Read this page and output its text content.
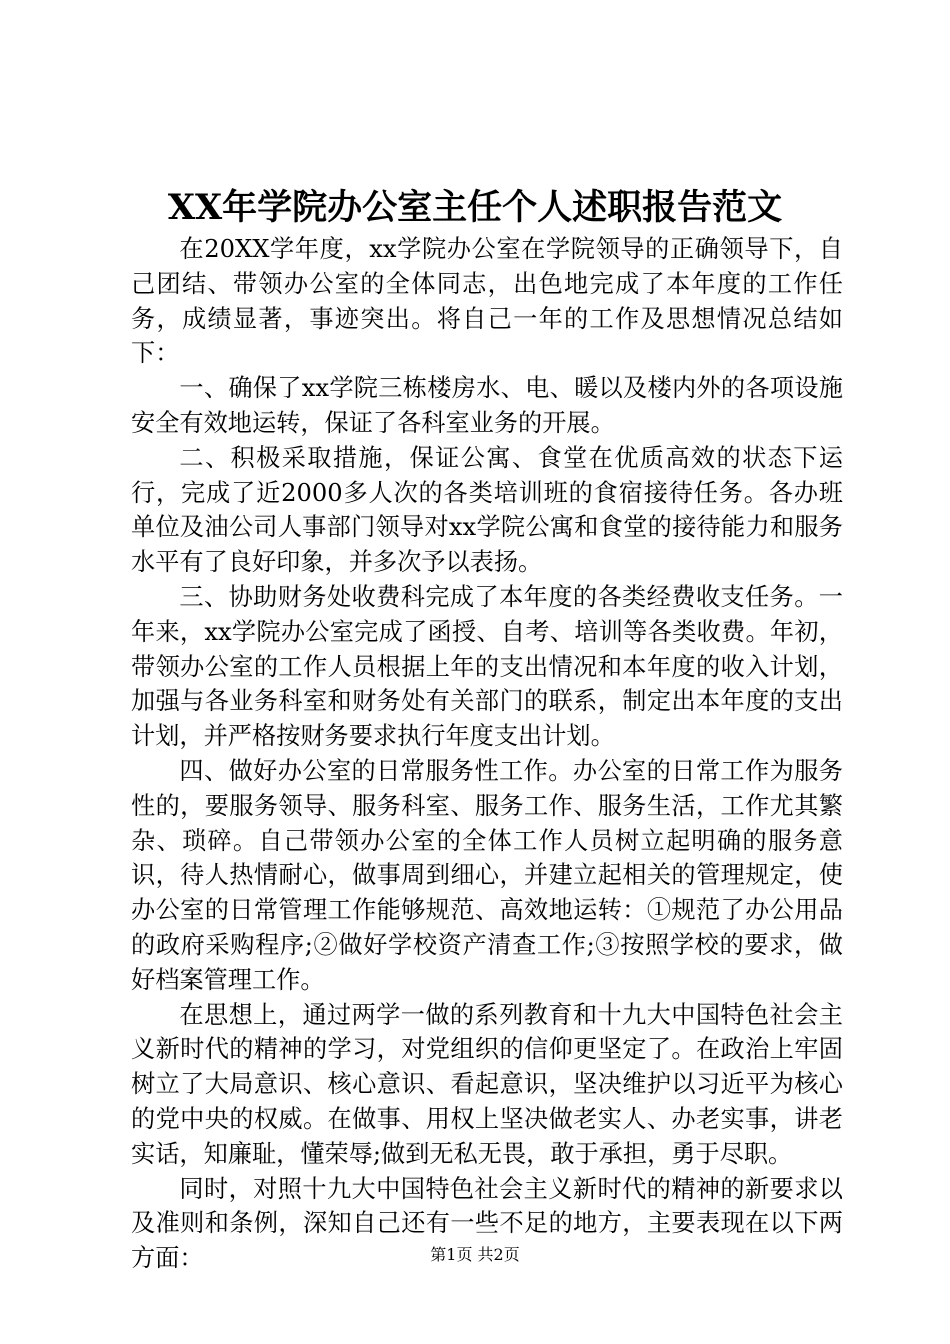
XX年学院办公室主任个人述职报告范文

在20XX学年度，xx学院办公室在学院领导的正确领导下，自己团结、带领办公室的全体同志，出色地完成了本年度的工作任务，成绩显著，事迹突出。将自己一年的工作及思想情况总结如下：

一、确保了xx学院三栋楼房水、电、暖以及楼内外的各项设施安全有效地运转，保证了各科室业务的开展。

二、积极采取措施，保证公寓、食堂在优质高效的状态下运行，完成了近2000多人次的各类培训班的食宿接待任务。各办班单位及油公司人事部门领导对xx学院公寓和食堂的接待能力和服务水平有了良好印象，并多次予以表扬。

三、协助财务处收费科完成了本年度的各类经费收支任务。一年来，xx学院办公室完成了函授、自考、培训等各类收费。年初，带领办公室的工作人员根据上年的支出情况和本年度的收入计划，加强与各业务科室和财务处有关部门的联系，制定出本年度的支出计划，并严格按财务要求执行年度支出计划。

四、做好办公室的日常服务性工作。办公室的日常工作为服务性的，要服务领导、服务科室、服务工作、服务生活，工作尤其繁杂、琐碎。自己带领办公室的全体工作人员树立起明确的服务意识，待人热情耐心，做事周到细心，并建立起相关的管理规定，使办公室的日常管理工作能够规范、高效地运转：①规范了办公用品的政府采购程序;②做好学校资产清查工作;③按照学校的要求，做好档案管理工作。

在思想上，通过两学一做的系列教育和十九大中国特色社会主义新时代的精神的学习，对党组织的信仰更坚定了。在政治上牢固树立了大局意识、核心意识、看起意识，坚决维护以习近平为核心的党中央的权威。在做事、用权上坚决做老实人、办老实事，讲老实话，知廉耻，懂荣辱;做到无私无畏，敢于承担，勇于尽职。

同时，对照十九大中国特色社会主义新时代的精神的新要求以及准则和条例，深知自己还有一些不足的地方，主要表现在以下两方面：	第1页 共2页
